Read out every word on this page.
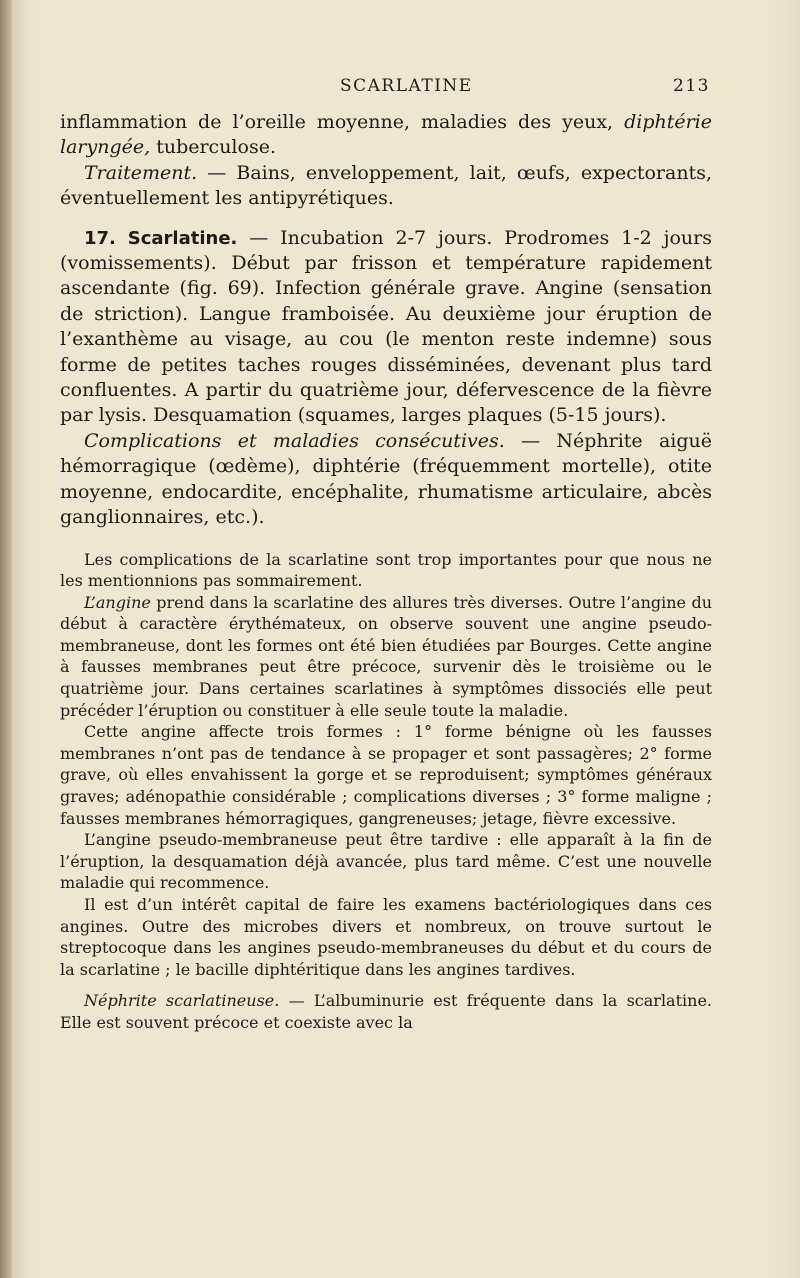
SCARLATINE	213

inflammation de l’oreille moyenne, maladies des yeux, diphtérie laryngée, tuberculose.

Traitement. — Bains, enveloppement, lait, œufs, expectorants, éventuellement les antipyrétiques.

17. Scarlatine. — Incubation 2-7 jours. Prodromes 1-2 jours (vomissements). Début par frisson et température rapidement ascendante (fig. 69). Infection générale grave. Angine (sensation de striction). Langue framboisée. Au deuxième jour éruption de l’exanthème au visage, au cou (le menton reste indemne) sous forme de petites taches rouges disséminées, devenant plus tard confluentes. A partir du quatrième jour, défervescence de la fièvre par lysis. Desquamation (squames, larges plaques (5-15 jours).

Complications et maladies consécutives. — Néphrite aiguë hémorragique (œdème), diphtérie (fréquemment mortelle), otite moyenne, endocardite, encéphalite, rhumatisme articulaire, abcès ganglionnaires, etc.).

Les complications de la scarlatine sont trop importantes pour que nous ne les mentionnions pas sommairement.

L’angine prend dans la scarlatine des allures très diverses. Outre l’angine du début à caractère érythémateux, on observe souvent une angine pseudo-membraneuse, dont les formes ont été bien étudiées par Bourges. Cette angine à fausses membranes peut être précoce, survenir dès le troisième ou le quatrième jour. Dans certaines scarlatines à symptômes dissociés elle peut précéder l’éruption ou constituer à elle seule toute la maladie.

Cette angine affecte trois formes : 1° forme bénigne où les fausses membranes n’ont pas de tendance à se propager et sont passagères; 2° forme grave, où elles envahissent la gorge et se reproduisent; symptômes généraux graves; adénopathie considérable ; complications diverses ; 3° forme maligne ; fausses membranes hémorragiques, gangreneuses; jetage, fièvre excessive.

L’angine pseudo-membraneuse peut être tardive : elle apparaît à la fin de l’éruption, la desquamation déjà avancée, plus tard même. C’est une nouvelle maladie qui recommence.

Il est d’un intérêt capital de faire les examens bactériologiques dans ces angines. Outre des microbes divers et nombreux, on trouve surtout le streptocoque dans les angines pseudo-membraneuses du début et du cours de la scarlatine ; le bacille diphtéritique dans les angines tardives.

Néphrite scarlatineuse. — L’albuminurie est fréquente dans la scarlatine. Elle est souvent précoce et coexiste avec la
